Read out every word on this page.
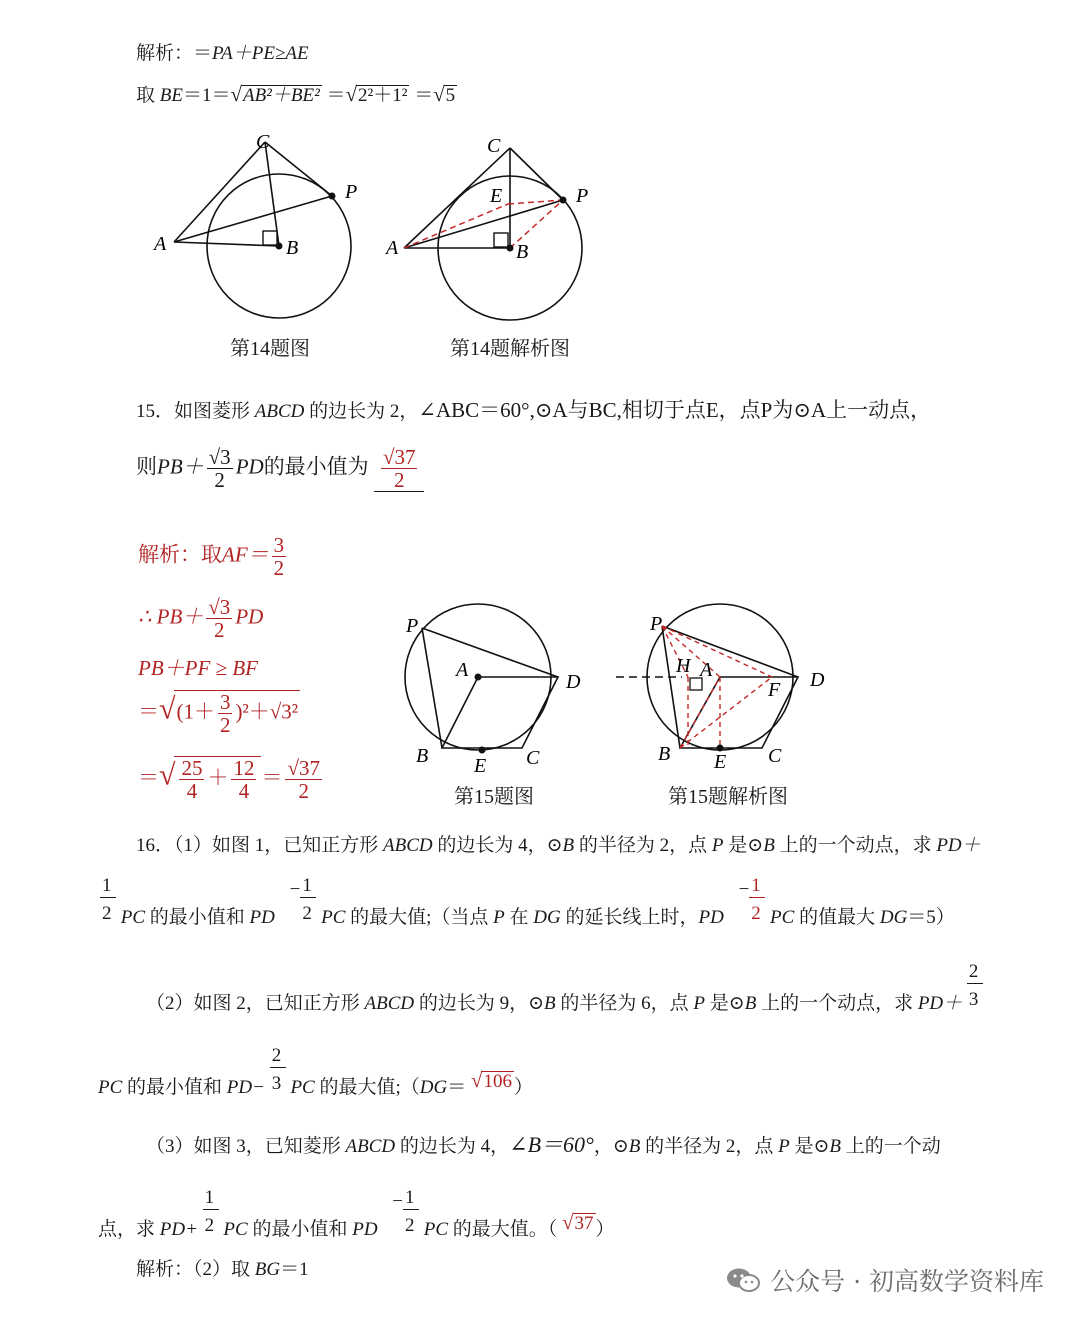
解析：＝PA＋PE≥AE
取 BE＝1＝√AB²＋BE² ＝√2²＋1² ＝√5
C
P
A	B
第14题图
C
E	P
A	B
第14题解析图
15．如图菱形 ABCD 的边长为 2，∠ABC＝60°,⊙A与BC,相切于点E，点P为⊙A上一动点，
则$PB+ \frac{√3}{2}$ PD的最小值为 $\frac{√37}{2}$
解析：取$AF= \frac{3}{2}$
∴ $PB+ \frac{√3}{2}$ PD
PB＋PF ≥ BF
$=√(1+ \frac{3}{2} )^2+√3^2$
＝√ $\frac{25}{4} + \frac{12}{4} = \frac{√37}{2}$
P
A
D
B E C
第15题图
P
H A	D
F
B E C
第15题解析图
16．（1）如图 1，已知正方形 ABCD 的边长为 4，⊙B 的半径为 2，点 P 是⊙B 上的一个动点，求 PD＋
$\frac{1}{2}$ PC 的最小值和 PD −
$\frac{1}{2}$ PC 的最大值;（当点 P 在 DG 的延长线上时，PD −
$\frac{1}{2}$ PC 的值最大 DG＝5）
（2）如图 2，已知正方形 ABCD 的边长为 9，⊙B 的半径为 6，点 P 是⊙B 上的一个动点，求 $PD+ \frac{2}{3}$
PC 的最小值和 $PD- \frac{2}{3}$ PC 的最大值;（DG＝ √106 ）
（3）如图 3，已知菱形 ABCD 的边长为 4，∠B＝60°，⊙B 的半径为 2，点 P 是⊙B 上的一个动
点，求 $PD+ \frac{1}{2}$ PC 的最小值和 PD −
$\frac{1}{2}$ PC 的最大值。（ √37 ）
解析：（2）取 BG＝1	公众号 · 初高数学资料库
